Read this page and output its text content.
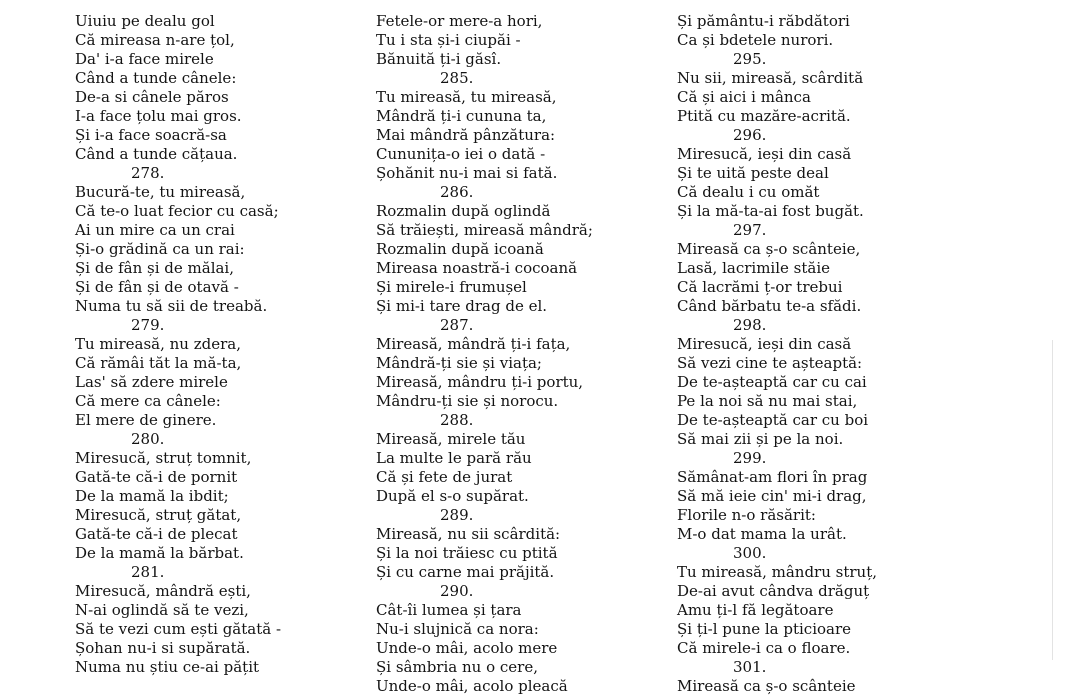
Uiuiu pe dealu gol
Că mireasa n-are țol,
Da' i-a face mirele
Când a tunde cânele:
De-a si cânele păros
I-a face țolu mai gros.
Și i-a face soacră-sa
Când a tunde cățaua.
278.
Bucură-te, tu mireasă,
Că te-o luat fecior cu casă;
Ai un mire ca un crai
Și-o grădină ca un rai:
Și de fân și de mălai,
Și de fân și de otavă -
Numa tu să sii de treabă.
279.
Tu mireasă, nu zdera,
Că rămâi tăt la mă-ta,
Las' să zdere mirele
Că mere ca cânele:
El mere de ginere.
280.
Miresucă, struț tomnit,
Gată-te că-i de pornit
De la mamă la ibdit;
Miresucă, struț gătat,
Gată-te că-i de plecat
De la mamă la bărbat.
281.
Miresucă, mândră ești,
N-ai oglindă să te vezi,
Să te vezi cum ești gătată -
Șohan nu-i si supărată.
Numa nu știu ce-ai pățit
Fetele-or mere-a hori,
Tu i sta și-i ciupăi -
Bănuită ți-i găsî.
285.
Tu mireasă, tu mireasă,
Mândră ți-i cununa ta,
Mai mândră pânzătura:
Cununița-o iei o dată -
Șohănit nu-i mai si fată.
286.
Rozmalin după oglindă
Să trăiești, mireasă mândră;
Rozmalin după icoană
Mireasa noastră-i cocoană
Și mirele-i frumușel
Și mi-i tare drag de el.
287.
Mireasă, mândră ți-i fața,
Mândră-ți sie și viața;
Mireasă, mândru ți-i portu,
Mândru-ți sie și norocu.
288.
Mireasă, mirele tău
La multe le pară rău
Că și fete de jurat
După el s-o supărat.
289.
Mireasă, nu sii scârdită:
Și la noi trăiesc cu ptită
Și cu carne mai prăjită.
290.
Cât-îi lumea și țara
Nu-i slujnică ca nora:
Unde-o mâi, acolo mere
Și sâmbria nu o cere,
Unde-o mâi, acolo pleacă
Și pământu-i răbdători
Ca și bdetele nurori.
295.
Nu sii, mireasă, scârdită
Că și aici i mânca
Ptită cu mazăre-acrită.
296.
Miresucă, ieși din casă
Și te uită peste deal
Că dealu i cu omăt
Și la mă-ta-ai fost bugăt.
297.
Mireasă ca ș-o scânteie,
Lasă, lacrimile stăie
Că lacrămi ț-or trebui
Când bărbatu te-a sfădi.
298.
Miresucă, ieși din casă
Să vezi cine te așteaptă:
De te-așteaptă car cu cai
Pe la noi să nu mai stai,
De te-așteaptă car cu boi
Să mai zii și pe la noi.
299.
Sămânat-am flori în prag
Să mă ieie cin' mi-i drag,
Florile n-o răsărit:
M-o dat mama la urât.
300.
Tu mireasă, mândru struț,
De-ai avut cândva drăguț
Amu ți-l fă legătoare
Și ți-l pune la pticioare
Că mirele-i ca o floare.
301.
Mireasă ca ș-o scânteie
